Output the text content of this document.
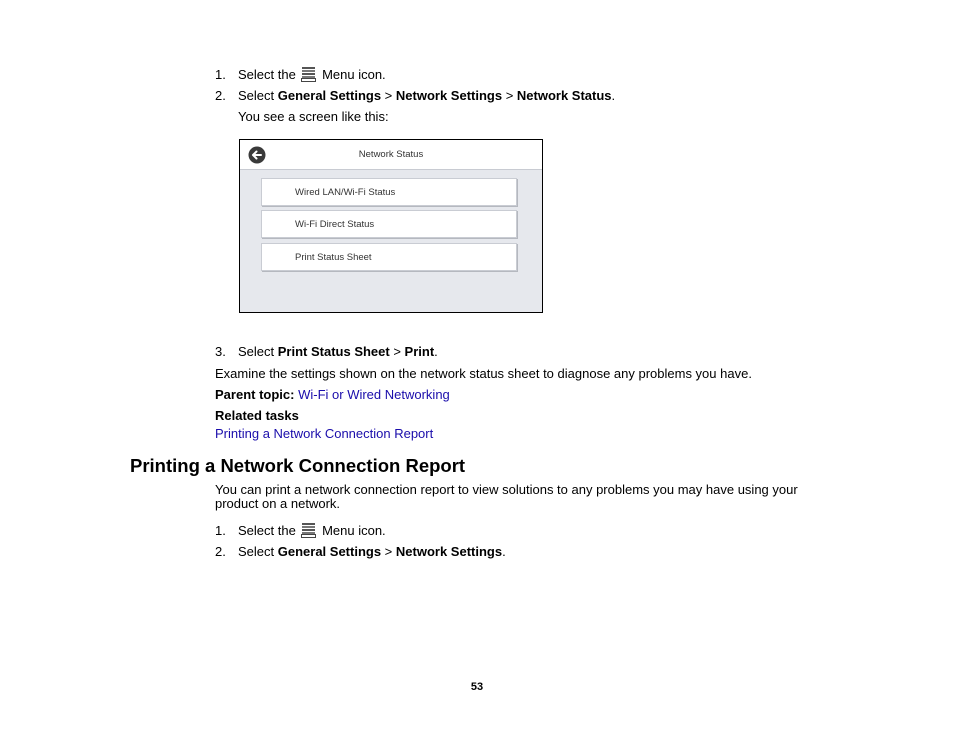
1. Select the Menu icon.
2. Select General Settings > Network Settings > Network Status.
You see a screen like this:
Network Status
Wired LAN/Wi-Fi Status
Wi-Fi Direct Status
Print Status Sheet
3. Select Print Status Sheet > Print.
Examine the settings shown on the network status sheet to diagnose any problems you have.
Parent topic: Wi-Fi or Wired Networking
Related tasks
Printing a Network Connection Report
Printing a Network Connection Report
You can print a network connection report to view solutions to any problems you may have using your product on a network.
1. Select the Menu icon.
2. Select General Settings > Network Settings.
53
